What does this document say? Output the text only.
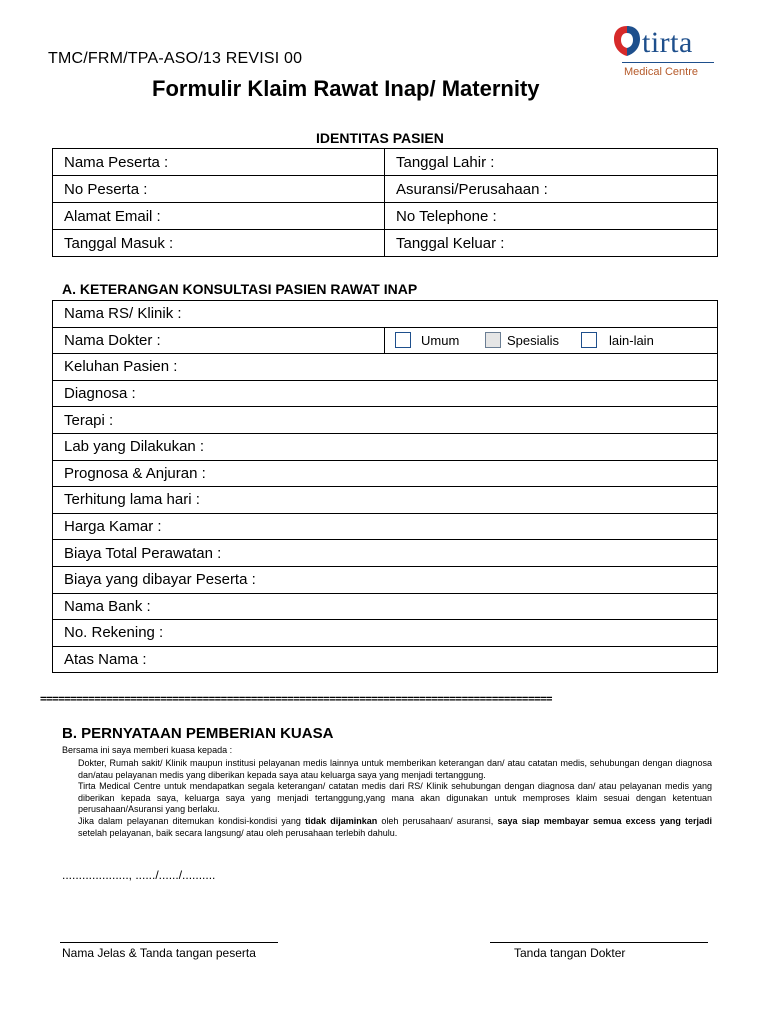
TMC/FRM/TPA-ASO/13 REVISI 00
Formulir Klaim Rawat Inap/ Maternity
tirta
Medical Centre
IDENTITAS PASIEN
Nama Peserta :	Tanggal Lahir :
No Peserta :	Asuransi/Perusahaan :
Alamat Email :	No Telephone :
Tanggal Masuk :	Tanggal Keluar :
A. KETERANGAN KONSULTASI PASIEN RAWAT INAP
Nama RS/ Klinik :
Nama Dokter :	Umum	Spesialis	lain-lain

Keluhan Pasien :
Diagnosa :
Terapi :
Lab yang Dilakukan :
Prognosa & Anjuran :
Terhitung lama hari :
Harga Kamar :
Biaya Total Perawatan :
Biaya yang dibayar Peserta :
Nama Bank :
No. Rekening :
Atas Nama :
=====================================================================================
B. PERNYATAAN PEMBERIAN KUASA
Bersama ini saya memberi kuasa kepada :

Dokter, Rumah sakit/ Klinik maupun institusi pelayanan medis lainnya untuk memberikan keterangan dan/ atau catatan medis, sehubungan dengan diagnosa dan/atau pelayanan medis yang diberikan kepada saya atau keluarga saya yang menjadi tertanggung.

Tirta Medical Centre untuk mendapatkan segala keterangan/ catatan medis dari RS/ Klinik sehubungan dengan diagnosa dan/ atau pelayanan medis yang diberikan kepada saya, keluarga saya yang menjadi tertanggung,yang mana akan digunakan untuk memproses klaim sesuai dengan ketentuan perusahaan/Asuransi yang berlaku.

Jika dalam pelayanan ditemukan kondisi-kondisi yang tidak dijaminkan oleh perusahaan/ asuransi, saya siap membayar semua excess yang terjadi setelah pelayanan, baik secara langsung/ atau oleh perusahaan terlebih dahulu.

...................., ....../....../..........
Nama Jelas & Tanda tangan peserta	Tanda tangan Dokter
